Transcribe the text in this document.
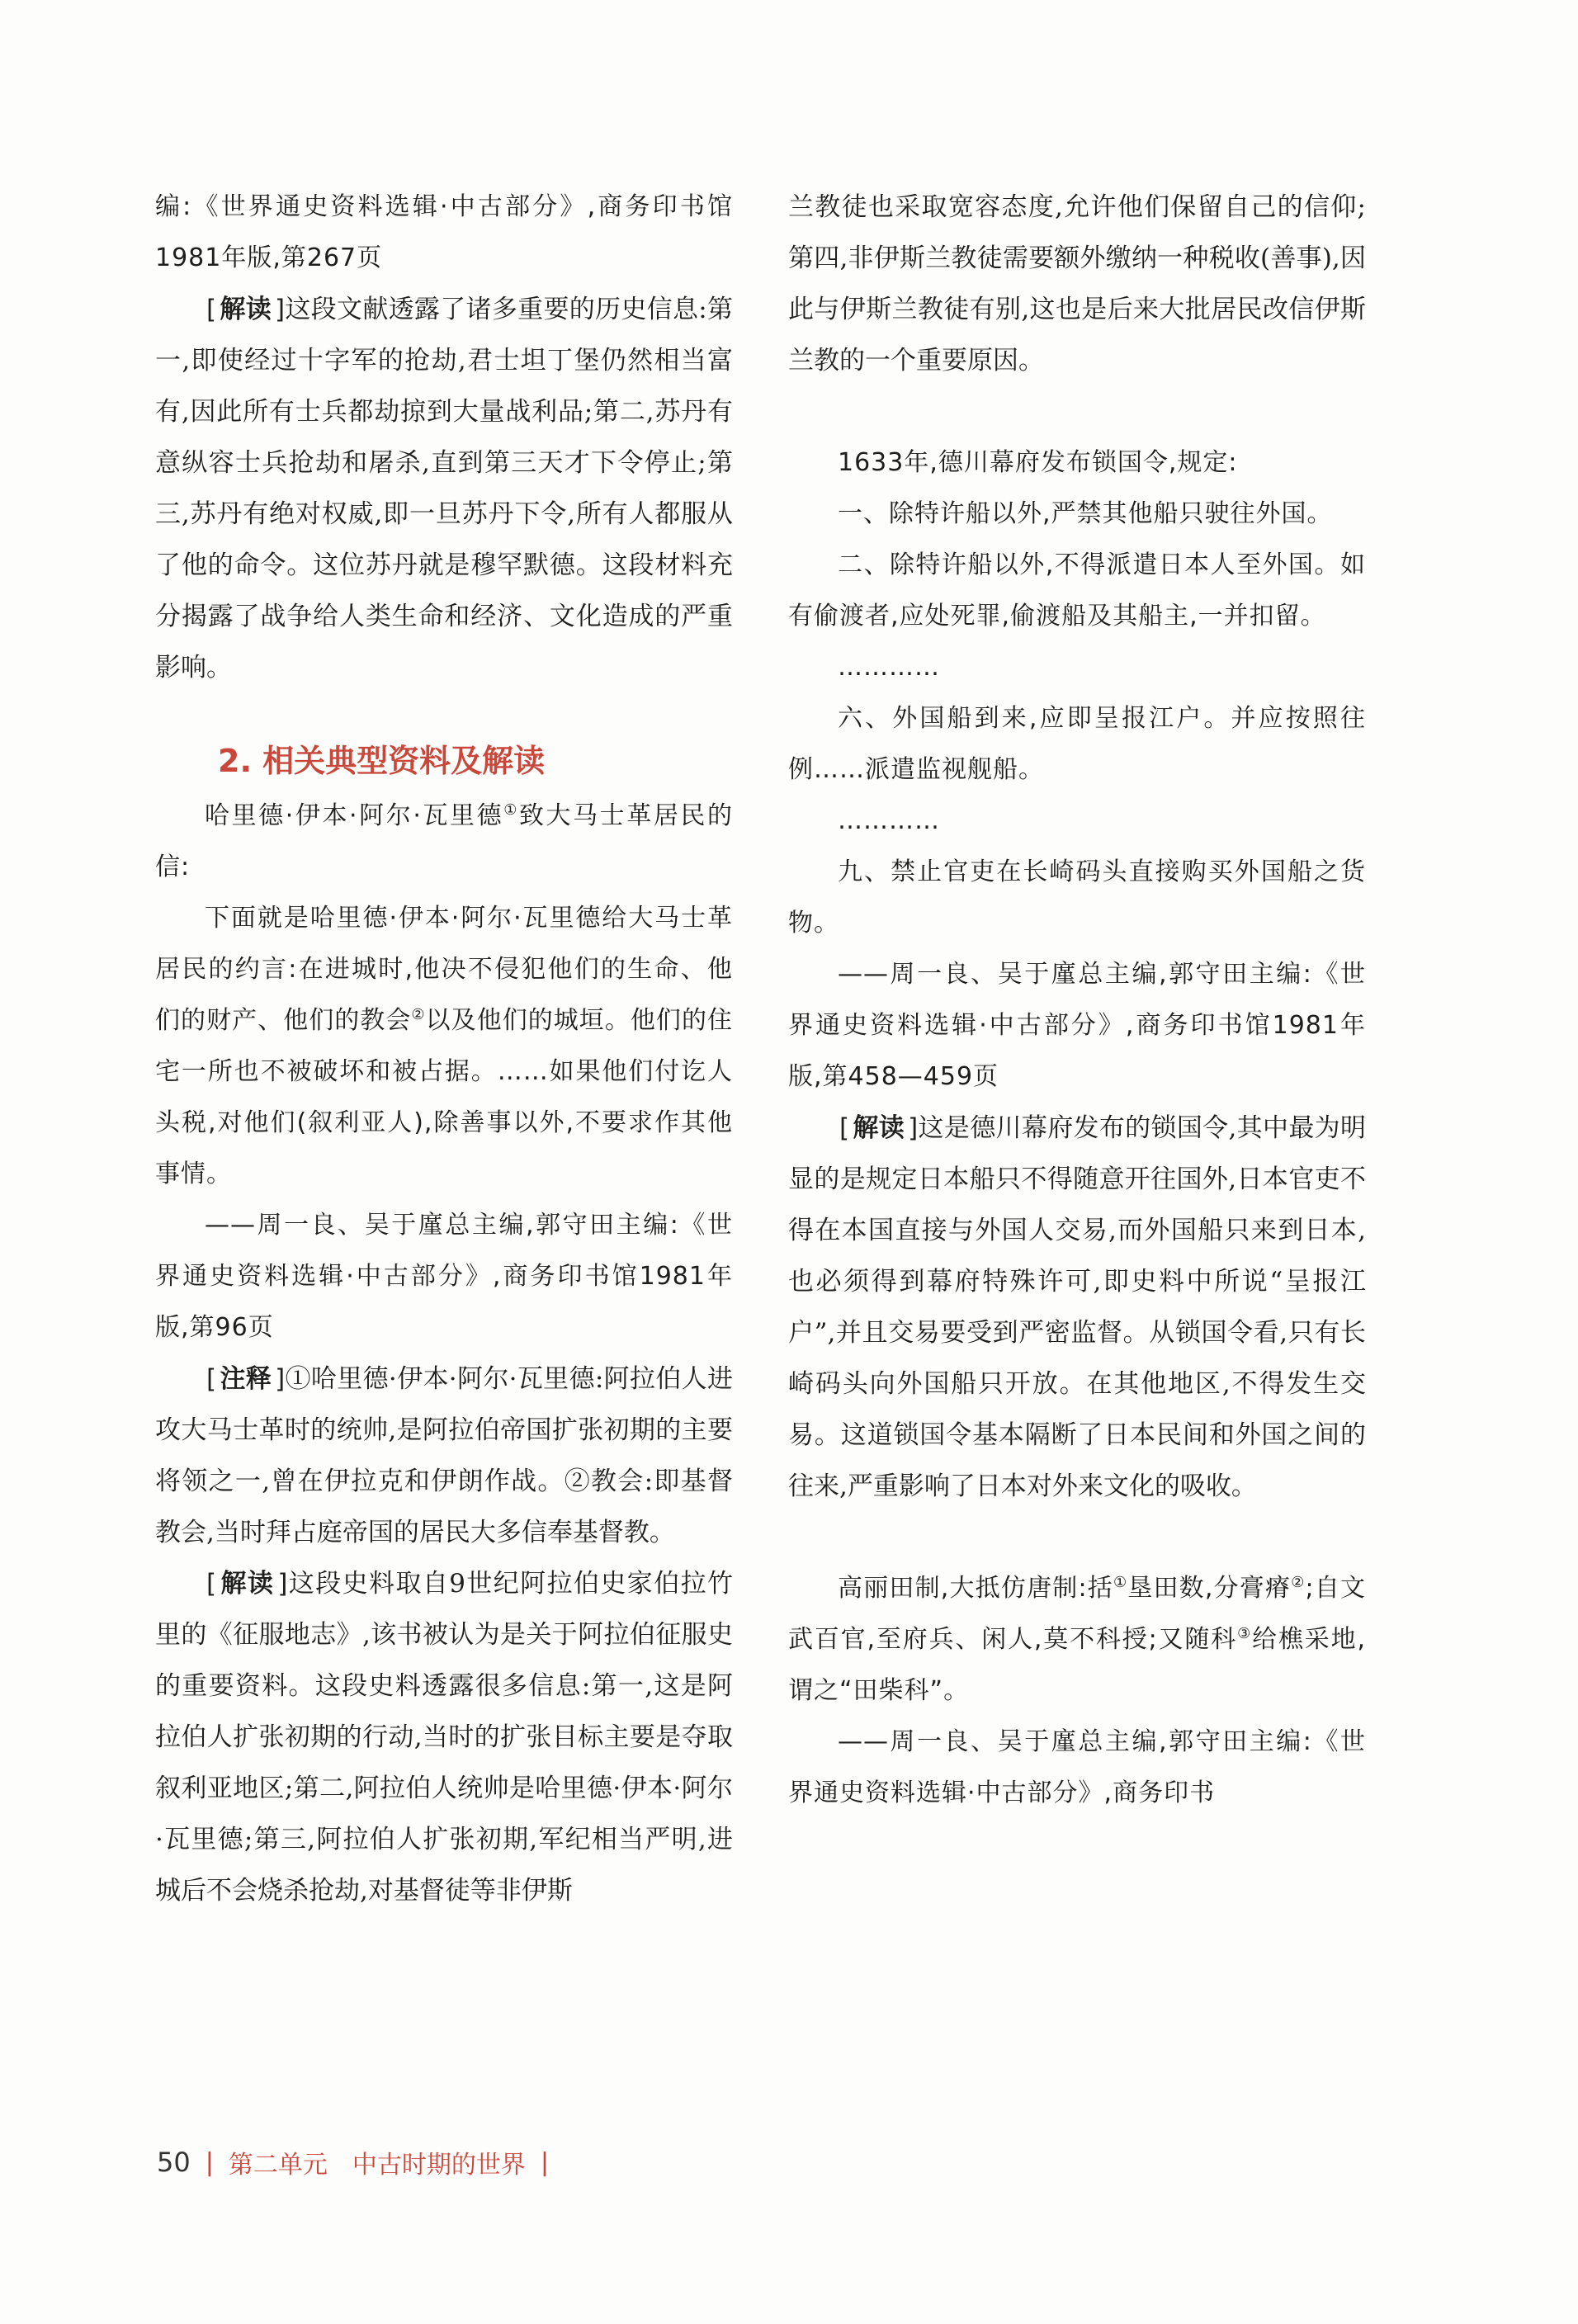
编:《世界通史资料选辑·中古部分》,商务印书馆1981年版,第267页

[ 解读 ] 这段文献透露了诸多重要的历史信息:第一,即使经过十字军的抢劫,君士坦丁堡仍然相当富有,因此所有士兵都劫掠到大量战利品;第二,苏丹有意纵容士兵抢劫和屠杀,直到第三天才下令停止;第三,苏丹有绝对权威,即一旦苏丹下令,所有人都服从了他的命令。这位苏丹就是穆罕默德。这段材料充分揭露了战争给人类生命和经济、文化造成的严重影响。

2. 相关典型资料及解读

哈里德·伊本·阿尔·瓦里德①致大马士革居民的信:

下面就是哈里德·伊本·阿尔·瓦里德给大马士革居民的约言:在进城时,他决不侵犯他们的生命、他们的财产、他们的教会②以及他们的城垣。他们的住宅一所也不被破坏和被占据。……如果他们付讫人头税,对他们(叙利亚人),除善事以外,不要求作其他事情。

——周一良、吴于廑总主编,郭守田主编:《世界通史资料选辑·中古部分》,商务印书馆1981年版,第96页

[ 注释 ] ①哈里德·伊本·阿尔·瓦里德:阿拉伯人进攻大马士革时的统帅,是阿拉伯帝国扩张初期的主要将领之一,曾在伊拉克和伊朗作战。②教会:即基督教会,当时拜占庭帝国的居民大多信奉基督教。

[ 解读 ] 这段史料取自9世纪阿拉伯史家伯拉竹里的《征服地志》,该书被认为是关于阿拉伯征服史的重要资料。这段史料透露很多信息:第一,这是阿拉伯人扩张初期的行动,当时的扩张目标主要是夺取叙利亚地区;第二,阿拉伯人统帅是哈里德·伊本·阿尔·瓦里德;第三,阿拉伯人扩张初期,军纪相当严明,进城后不会烧杀抢劫,对基督徒等非伊斯

兰教徒也采取宽容态度,允许他们保留自己的信仰;第四,非伊斯兰教徒需要额外缴纳一种税收(善事),因此与伊斯兰教徒有别,这也是后来大批居民改信伊斯兰教的一个重要原因。

1633年,德川幕府发布锁国令,规定:

一、除特许船以外,严禁其他船只驶往外国。

二、除特许船以外,不得派遣日本人至外国。如有偷渡者,应处死罪,偷渡船及其船主,一并扣留。

…………

六、外国船到来,应即呈报江户。并应按照往例……派遣监视舰船。

…………

九、禁止官吏在长崎码头直接购买外国船之货物。

——周一良、吴于廑总主编,郭守田主编:《世界通史资料选辑·中古部分》,商务印书馆1981年版,第458—459页

[ 解读 ] 这是德川幕府发布的锁国令,其中最为明显的是规定日本船只不得随意开往国外,日本官吏不得在本国直接与外国人交易,而外国船只来到日本,也必须得到幕府特殊许可,即史料中所说“呈报江户”,并且交易要受到严密监督。从锁国令看,只有长崎码头向外国船只开放。在其他地区,不得发生交易。这道锁国令基本隔断了日本民间和外国之间的往来,严重影响了日本对外来文化的吸收。

高丽田制,大抵仿唐制:括①垦田数,分膏瘠②;自文武百官,至府兵、闲人,莫不科授;又随科③给樵采地,谓之“田柴科”。

——周一良、吴于廑总主编,郭守田主编:《世界通史资料选辑·中古部分》,商务印书

50 | 第二单元　中古时期的世界 |
